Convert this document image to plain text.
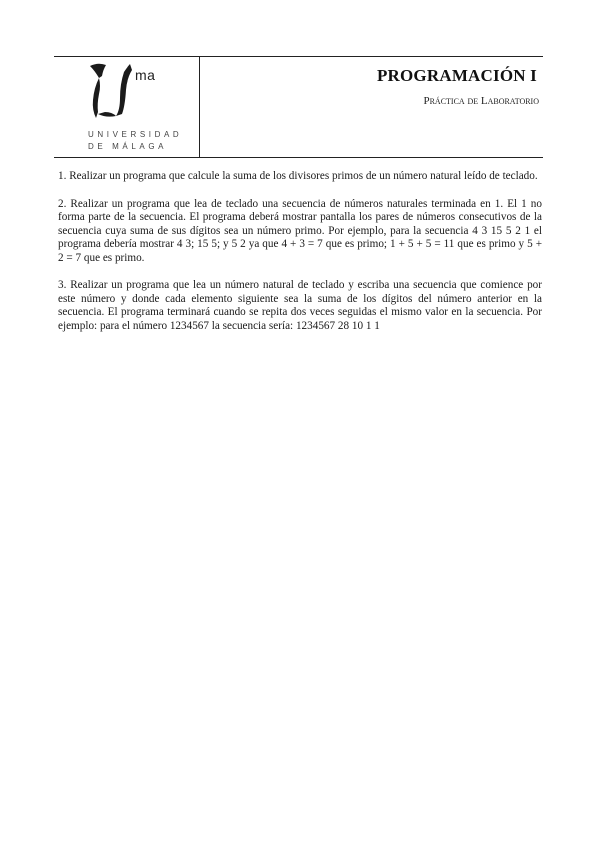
ma
UNIVERSIDAD
DE MÁLAGA
PROGRAMACIÓN I
Práctica de Laboratorio

1. Realizar un programa que calcule la suma de los divisores primos de un número natural leído de teclado.

2. Realizar un programa que lea de teclado una secuencia de números naturales terminada en 1. El 1 no forma parte de la secuencia. El programa deberá mostrar pantalla los pares de números consecutivos de la secuencia cuya suma de sus dígitos sea un número primo. Por ejemplo, para la secuencia 4 3 15 5 2 1 el programa debería mostrar 4 3; 15 5; y 5 2 ya que 4 + 3 = 7 que es primo; 1 + 5 + 5 = 11 que es primo y 5 + 2 = 7 que es primo.

3. Realizar un programa que lea un número natural de teclado y escriba una secuencia que comience por este número y donde cada elemento siguiente sea la suma de los dígitos del número anterior en la secuencia. El programa terminará cuando se repita dos veces seguidas el mismo valor en la secuencia. Por ejemplo: para el número 1234567 la secuencia sería: 1234567 28 10 1 1
